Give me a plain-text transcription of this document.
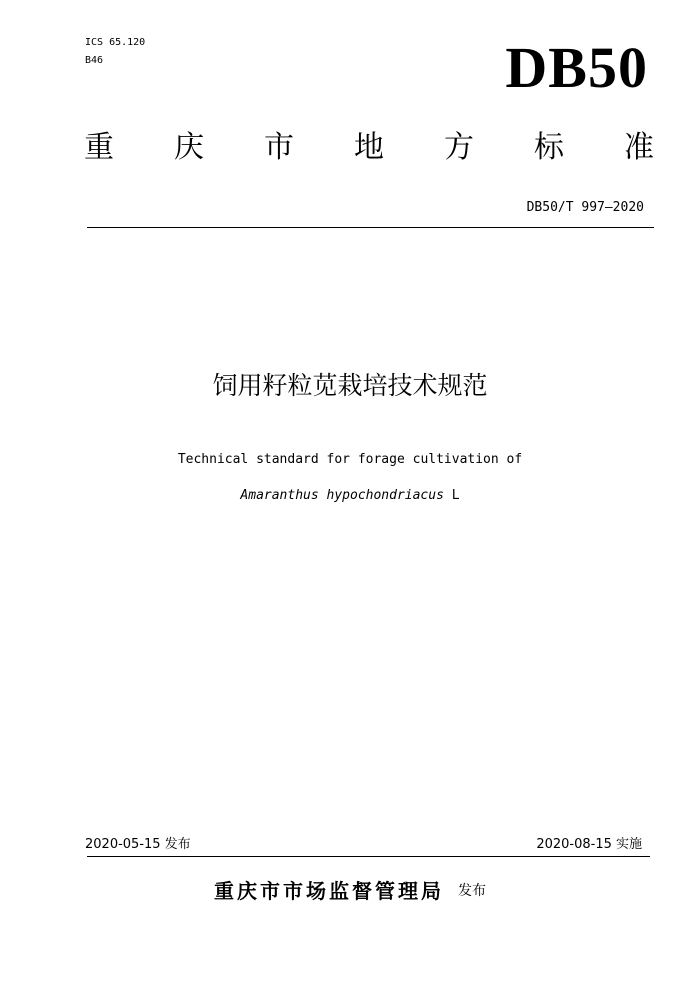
ICS 65.120
B46	DB50
重 庆 市 地 方 标 准
DB50/T 997—2020
饲用籽粒苋栽培技术规范
Technical standard for forage cultivation of
Amaranthus hypochondriacus L
2020-05-15 发布	2020-08-15 实施
重庆市市场监督管理局 发布
